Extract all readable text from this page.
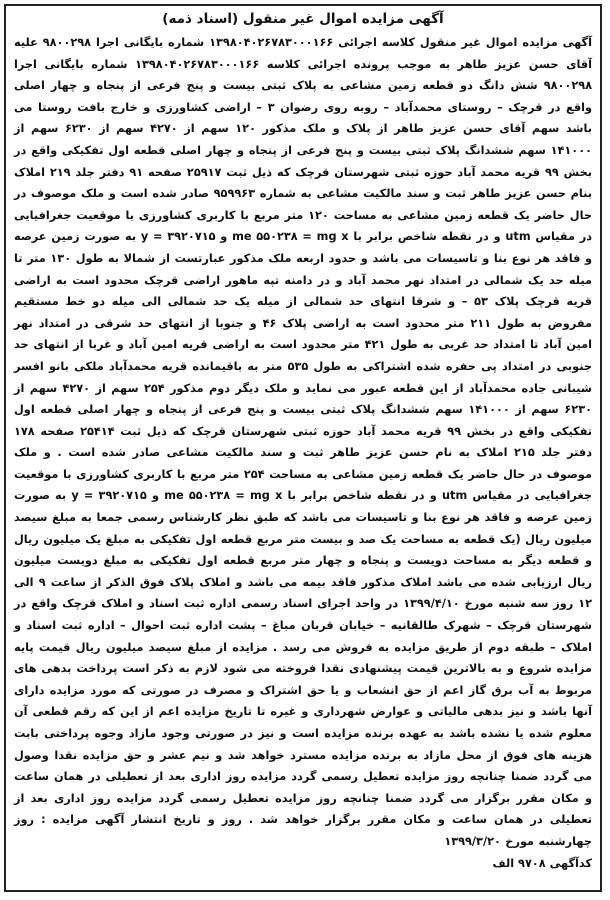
آگهی مزایده اموال غیر منقول (اسناد ذمه)

آگهی مزایده اموال غیر منقول کلاسه اجرائی ۱۳۹۸۰۴۰۲۶۷۸۳۰۰۰۱۶۶ شماره بایگانی اجرا ۹۸۰۰۲۹۸ علیه آقای حسن عزیز طاهر به موجب پرونده اجرائی کلاسه ۱۳۹۸۰۴۰۲۶۷۸۳۰۰۰۱۶۶ شماره بایگانی اجرا ۹۸۰۰۲۹۸ شش دانگ دو قطعه زمین مشاعی به پلاک ثبتی بیست و پنج فرعی از پنجاه و چهار اصلی واقع در قرچک – روستای محمدآباد – روبه روی رضوان ۳ – اراضی کشاورزی و خارج بافت روستا می باشد سهم آقای حسن عزیز طاهر از پلاک و ملک مذکور ۱۲۰ سهم از ۴۲۷۰ سهم از ۶۲۳۰ سهم از ۱۴۱۰۰۰ سهم ششدانگ پلاک ثبتی بیست و پنج فرعی از پنجاه و چهار اصلی قطعه اول تفکیکی واقع در بخش ۹۹ قریه محمد آباد حوزه ثبتی شهرستان قرچک که ذیل ثبت ۲۵۹۱۷ صفحه ۹۱ دفتر جلد ۲۱۹ املاک بنام حسن عزیز طاهر ثبت و سند مالکیت مشاعی به شماره ۹۵۹۹۶۳ صادر شده است و ملک موصوف در حال حاضر یک قطعه زمین مشاعی به مساحت ۱۲۰ متر مربع با کاربری کشاورزی با موقعیت جغرافیایی در مقیاس utm و در نقطه شاخص برابر با me ۵۵۰۲۳۸ = mg x و ۳۹۲۰۷۱۵ = y به صورت زمین عرصه و فاقد هر نوع بنا و تاسیسات می باشد و حدود اربعه ملک مذکور عبارتست از شمالا به طول ۱۳۰ متر تا میله حد یک شمالی در امتداد نهر محمد آباد و در دامنه تپه ماهور اراضی قرچک محدود است به اراضی قریه قرچک پلاک ۵۳ – و شرقا انتهای حد شمالی از میله یک حد شمالی الی میله دو خط مستقیم مفروض به طول ۲۱۱ متر محدود است به اراضی پلاک ۴۶ و جنوبا از انتهای حد شرقی در امتداد نهر امین آباد تا امتداد حد غربی به طول ۴۲۱ متر محدود است به اراضی قریه امین آباد و غربا از انتهای حد جنوبی در امتداد پی حفره شده اشتراکی به طول ۵۳۵ متر به باقیمانده قریه محمدآباد ملکی بانو افسر شیبانی جاده محمدآباد از این قطعه عبور می نماید و ملک دیگر دوم مذکور ۲۵۴ سهم از ۴۲۷۰ سهم از ۶۲۳۰ سهم از ۱۴۱۰۰۰ سهم ششدانگ پلاک ثبتی بیست و پنج فرعی از پنجاه و چهار اصلی قطعه اول تفکیکی واقع در بخش ۹۹ قریه محمد آباد حوزه ثبتی شهرستان قرچک که ذیل ثبت ۲۵۴۱۴ صفحه ۱۷۸ دفتر جلد ۲۱۵ املاک به نام حسن عزیز طاهر ثبت و سند مالکیت مشاعی صادر شده است . و ملک موصوف در حال حاضر یک قطعه زمین مشاعی به مساحت ۲۵۴ متر مربع با کاربری کشاورزی با موقعیت جغرافیایی در مقیاس utm و در نقطه شاخص برابر با me ۵۵۰۲۳۸ = mg x و ۳۹۲۰۷۱۵ = y به صورت زمین عرصه و فاقد هر نوع بنا و تاسیسات می باشد که طبق نظر کارشناس رسمی جمعا به مبلغ سیصد میلیون ریال (یک قطعه به مساحت یک صد و بیست متر مربع قطعه اول تفکیکی به مبلغ یک میلیون ریال و قطعه دیگر به مساحت دویست و پنجاه و چهار متر مربع قطعه اول تفکیکی به مبلغ دویست میلیون ریال ارزیابی شده می باشد املاک مذکور فاقد بیمه می باشد و املاک پلاک فوق الذکر از ساعت ۹ الی ۱۲ روز سه شنبه مورخ ۱۳۹۹/۴/۱۰ در واحد اجرای اسناد رسمی اداره ثبت اسناد و املاک قرچک واقع در شهرستان قرچک – شهرک طالقانیه – خیابان قربان مباغ – پشت اداره ثبت احوال – اداره ثبت اسناد و املاک – طبقه دوم از طریق مزایده به فروش می رسد . مزایده از مبلغ سیصد میلیون ریال قیمت پایه مزایده شروع و به بالاترین قیمت پیشنهادی نقدا فروخته می شود لازم به ذکر است پرداخت بدهی های مربوط به آب برق گاز اعم از حق انشعاب و یا حق اشتراک و مصرف در صورتی که مورد مزایده دارای آنها باشد و نیز بدهی مالیاتی و عوارض شهرداری و غیره تا تاریخ مزایده اعم از این که رقم قطعی آن معلوم شده یا نشده باشد به عهده برنده مزایده است و نیز در صورتی وجود مازاد وجوه پرداختی بابت هزینه های فوق از محل مازاد به برنده مزایده مسترد خواهد شد و نیم عشر و حق مزایده نقدا وصول می گردد ضمنا چنانچه روز مزایده تعطیل رسمی گردد مزایده روز اداری بعد از تعطیلی در همان ساعت و مکان مقرر برگزار می گردد ضمنا چنانچه روز مزایده تعطیل رسمی گردد مزایده روز اداری بعد از تعطیلی در همان ساعت و مکان مقرر برگزار خواهد شد . روز و تاریخ انتشار آگهی مزایده : روز چهارشنبه مورخ ۱۳۹۹/۳/۲۰

کدآگهی ۹۷۰۸ الف
